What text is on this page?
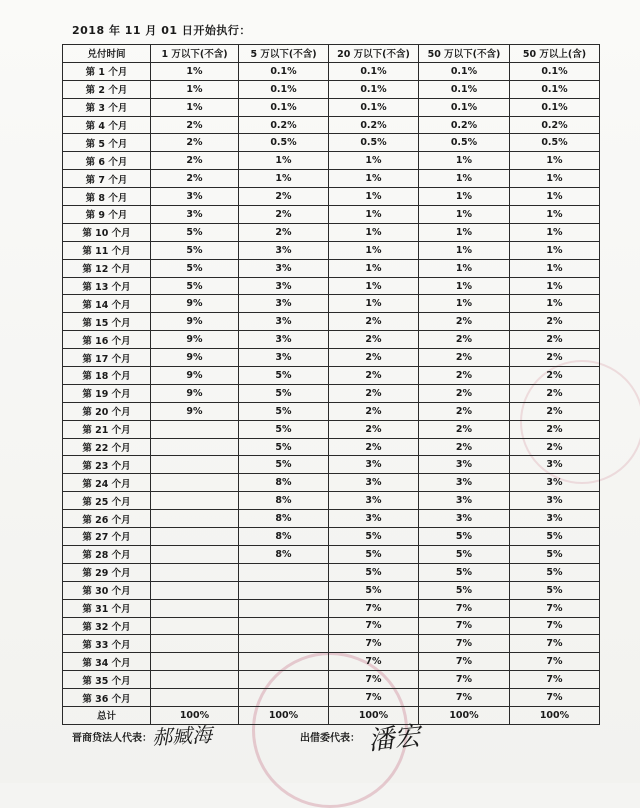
2018 年 11 月 01 日开始执行：
兑付时间	1 万以下(不含)	5 万以下(不含)	20 万以下(不含)	50 万以下(不含)	50 万以上(含)
第 1 个月	1%	0.1%	0.1%	0.1%	0.1%
第 2 个月	1%	0.1%	0.1%	0.1%	0.1%
第 3 个月	1%	0.1%	0.1%	0.1%	0.1%
第 4 个月	2%	0.2%	0.2%	0.2%	0.2%
第 5 个月	2%	0.5%	0.5%	0.5%	0.5%
第 6 个月	2%	1%	1%	1%	1%
第 7 个月	2%	1%	1%	1%	1%
第 8 个月	3%	2%	1%	1%	1%
第 9 个月	3%	2%	1%	1%	1%
第 10 个月	5%	2%	1%	1%	1%
第 11 个月	5%	3%	1%	1%	1%
第 12 个月	5%	3%	1%	1%	1%
第 13 个月	5%	3%	1%	1%	1%
第 14 个月	9%	3%	1%	1%	1%
第 15 个月	9%	3%	2%	2%	2%
第 16 个月	9%	3%	2%	2%	2%
第 17 个月	9%	3%	2%	2%	2%
第 18 个月	9%	5%	2%	2%	2%
第 19 个月	9%	5%	2%	2%	2%
第 20 个月	9%	5%	2%	2%	2%
第 21 个月		5%	2%	2%	2%
第 22 个月		5%	2%	2%	2%
第 23 个月		5%	3%	3%	3%
第 24 个月		8%	3%	3%	3%
第 25 个月		8%	3%	3%	3%
第 26 个月		8%	3%	3%	3%
第 27 个月		8%	5%	5%	5%
第 28 个月		8%	5%	5%	5%
第 29 个月			5%	5%	5%
第 30 个月			5%	5%	5%
第 31 个月			7%	7%	7%
第 32 个月			7%	7%	7%
第 33 个月			7%	7%	7%
第 34 个月			7%	7%	7%
第 35 个月			7%	7%	7%
第 36 个月			7%	7%	7%
总计	100%	100%	100%	100%	100%
晋商贷法人代表： 郝臧海	出借委代表： 潘宏
